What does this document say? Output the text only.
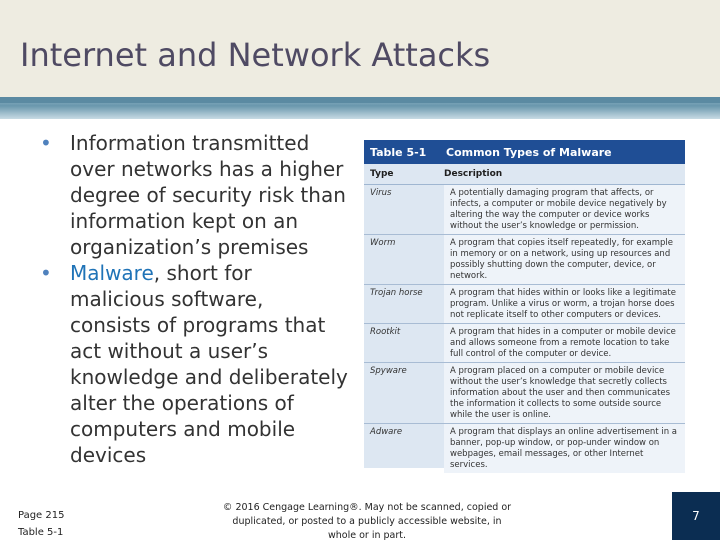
Internet and Network Attacks

• Information transmitted over networks has a higher degree of security risk than information kept on an organization’s premises

• Malware, short for malicious software, consists of programs that act without a user’s knowledge and deliberately alter the operations of computers and mobile devices

Table 5-1	Common Types of Malware
Type	Description
Virus	A potentially damaging program that affects, or infects, a computer or mobile device negatively by altering the way the computer or device works without the user’s knowledge or permission.
Worm	A program that copies itself repeatedly, for example in memory or on a network, using up resources and possibly shutting down the computer, device, or network.
Trojan horse	A program that hides within or looks like a legitimate program. Unlike a virus or worm, a trojan horse does not replicate itself to other computers or devices.
Rootkit	A program that hides in a computer or mobile device and allows someone from a remote location to take full control of the computer or device.
Spyware	A program placed on a computer or mobile device without the user’s knowledge that secretly collects information about the user and then communicates the information it collects to some outside source while the user is online.
Adware	A program that displays an online advertisement in a banner, pop-up window, or pop-under window on webpages, email messages, or other Internet services.
Page 215
Table 5-1
© 2016 Cengage Learning®. May not be scanned, copied or duplicated, or posted to a publicly accessible website, in whole or in part.
7
